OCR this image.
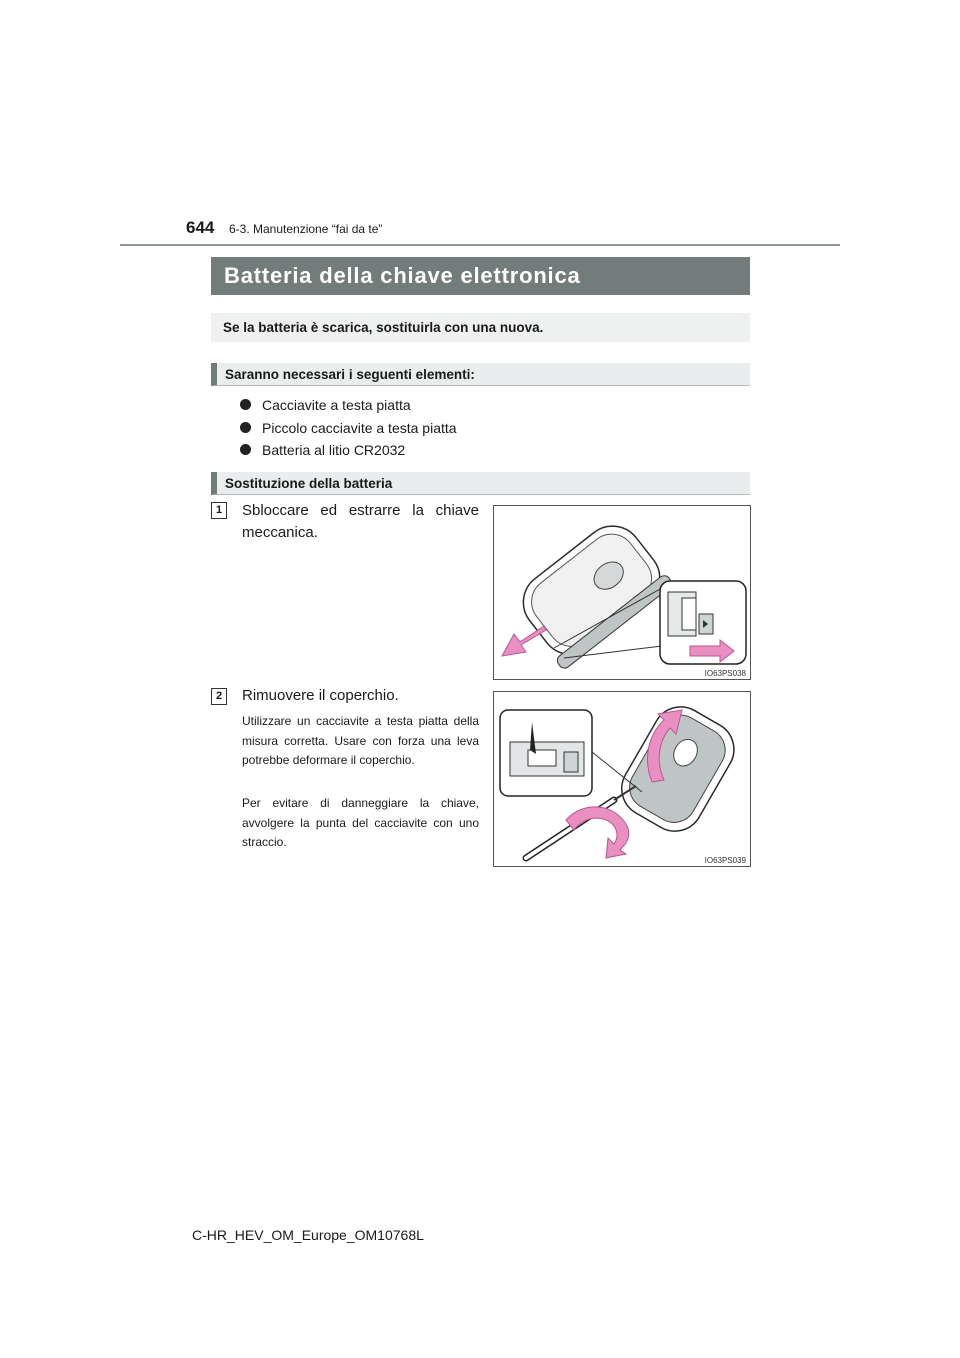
644 6-3. Manutenzione “fai da te”
Batteria della chiave elettronica
Se la batteria è scarica, sostituirla con una nuova.
Saranno necessari i seguenti elementi:
Cacciavite a testa piatta
Piccolo cacciavite a testa piatta
Batteria al litio CR2032
Sostituzione della batteria
1	Sbloccare ed estrarre la chiave meccanica.
IO63PS038
2	Rimuovere il coperchio.
Utilizzare un cacciavite a testa piatta della misura corretta. Usare con forza una leva potrebbe deformare il coperchio.
Per evitare di danneggiare la chiave, avvolgere la punta del cacciavite con uno straccio.
IO63PS039
C-HR_HEV_OM_Europe_OM10768L
